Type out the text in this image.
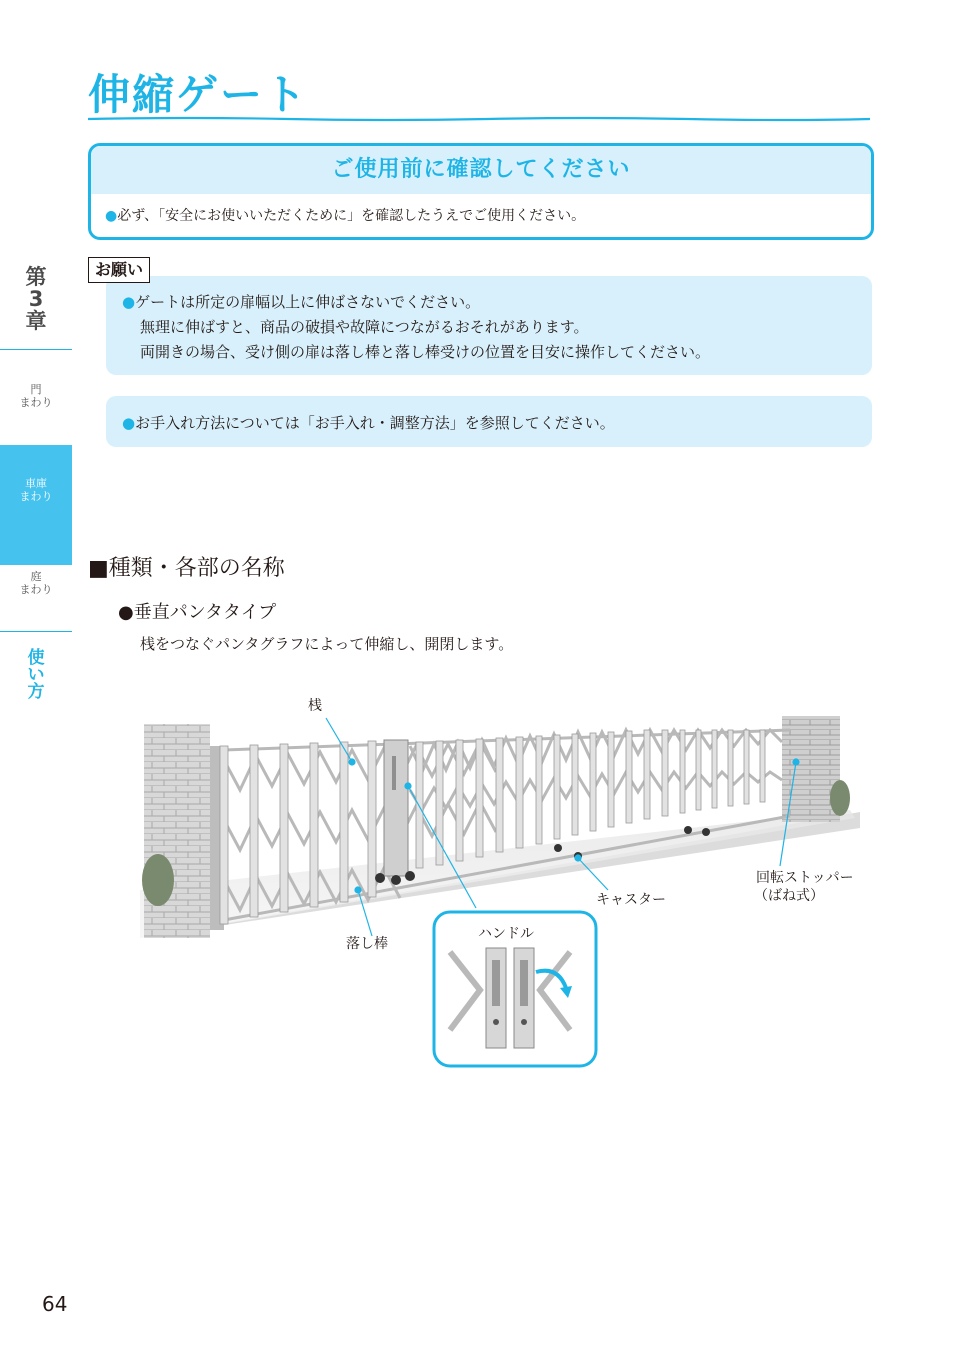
伸縮ゲート
第
3
章
門
まわり
車庫
まわり
庭
まわり
使
い
方
ご使用前に確認してください
●必ず、「安全にお使いいただくために」を確認したうえでご使用ください。
●ゲートは所定の扉幅以上に伸ばさないでください。
無理に伸ばすと、商品の破損や故障につながるおそれがあります。
両開きの場合、受け側の扉は落し棒と落し棒受けの位置を目安に操作してください。
お願い
●お手入れ方法については「お手入れ・調整方法」を参照してください。
■種類・各部の名称
●垂直パンタタイプ
桟をつなぐパンタグラフによって伸縮し、開閉します。
桟
落し棒
キャスター
回転ストッパー
（ばね式）
ハンドル
64
